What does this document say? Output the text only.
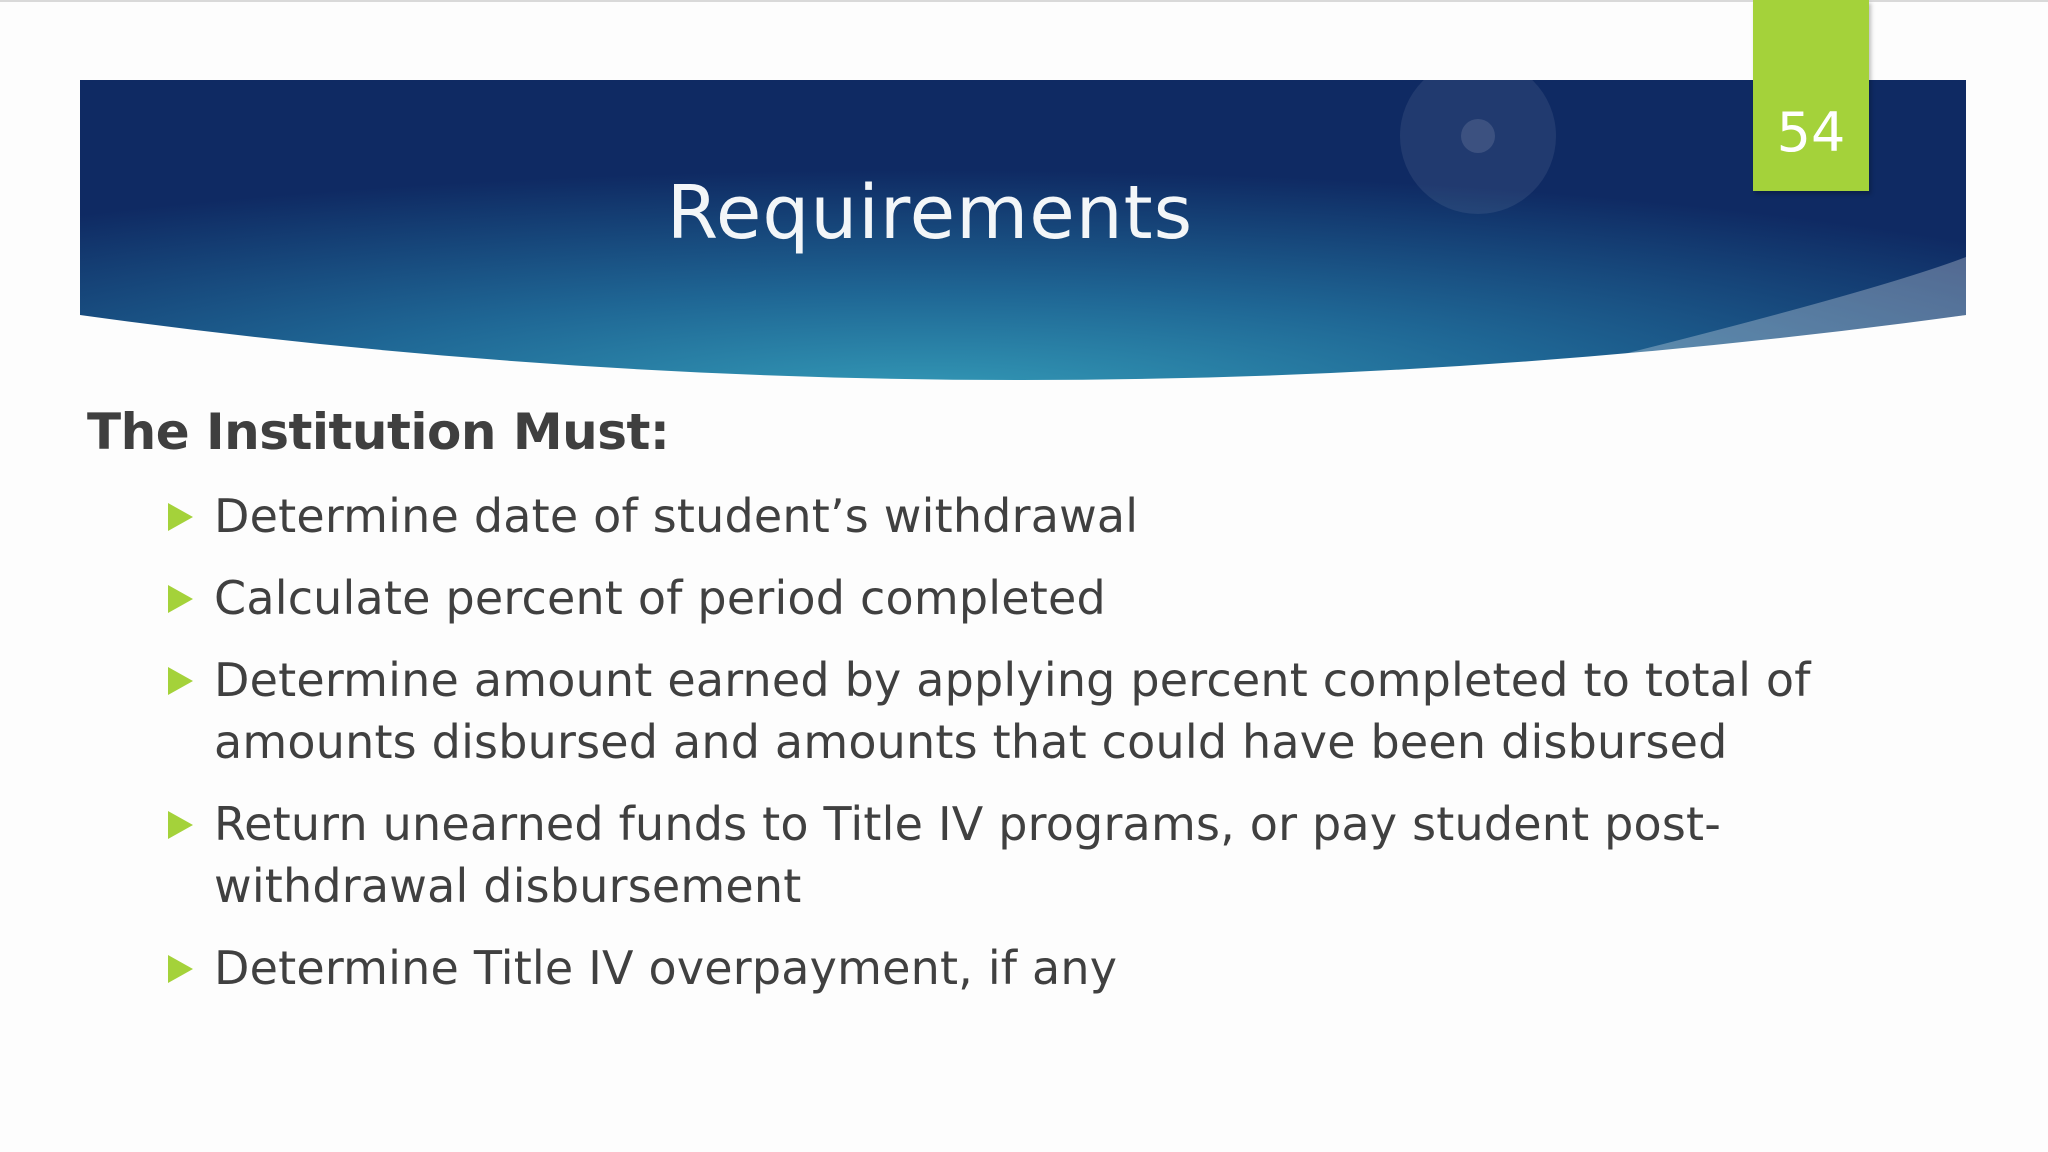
Requirements
54
The Institution Must:
Determine date of student’s withdrawal
Calculate percent of period completed
Determine amount earned by applying percent completed to total of amounts disbursed and amounts that could have been disbursed
Return unearned funds to Title IV programs, or pay student post-withdrawal disbursement
Determine Title IV overpayment, if any
